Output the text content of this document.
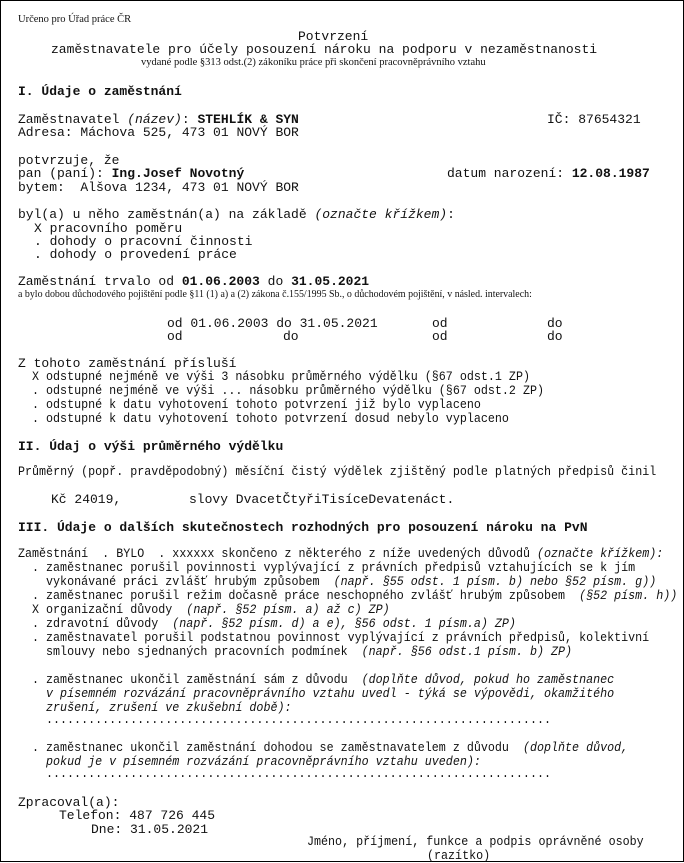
Určeno pro Úřad práce ČR
Potvrzení
zaměstnavatele pro účely posouzení nároku na podporu v nezaměstnanosti
vydané podle §313 odst.(2) zákoníku práce při skončení pracovněprávního vztahu
I. Údaje o zaměstnání
Zaměstnavatel (název): STEHLÍK & SYN	IČ: 87654321
Adresa: Máchova 525, 473 01 NOVÝ BOR
potvrzuje, že
pan (paní): Ing.Josef Novotný	datum narození: 12.08.1987
bytem:  Alšova 1234, 473 01 NOVÝ BOR
byl(a) u něho zaměstnán(a) na základě (označte křížkem):
X pracovního poměru
. dohody o pracovní činnosti
. dohody o provedení práce
Zaměstnání trvalo od 01.06.2003 do 31.05.2021
a bylo dobou důchodového pojištění podle §11 (1) a) a (2) zákona č.155/1995 Sb., o důchodovém pojištění, v násled. intervalech:
od 01.06.2003 do 31.05.2021	od	do
od	do	od	do
Z tohoto zaměstnání přísluší
X odstupné nejméně ve výši 3 násobku průměrného výdělku (§67 odst.1 ZP)
. odstupné nejméně ve výši ... násobku průměrného výdělku (§67 odst.2 ZP)
. odstupné k datu vyhotovení tohoto potvrzení již bylo vyplaceno
. odstupné k datu vyhotovení tohoto potvrzení dosud nebylo vyplaceno
II. Údaj o výši průměrného výdělku
Průměrný (popř. pravděpodobný) měsíční čistý výdělek zjištěný podle platných předpisů činil
Kč 24019,	slovy DvacetČtyřiTisíceDevatenáct.
III. Údaje o dalších skutečnostech rozhodných pro posouzení nároku na PvN
Zaměstnání  . BYLO  . xxxxxx skončeno z některého z níže uvedených důvodů (označte křížkem):
. zaměstnanec porušil povinnosti vyplývající z právních předpisů vztahujících se k jím
vykonávané práci zvlášť hrubým způsobem  (např. §55 odst. 1 písm. b) nebo §52 písm. g))
. zaměstnanec porušil režim dočasně práce neschopného zvlášť hrubým způsobem  (§52 písm. h))
X organizační důvody  (např. §52 písm. a) až c) ZP)
. zdravotní důvody  (např. §52 písm. d) a e), §56 odst. 1 písm.a) ZP)
. zaměstnavatel porušil podstatnou povinnost vyplývající z právních předpisů, kolektivní
smlouvy nebo sjednaných pracovních podmínek  (např. §56 odst.1 písm. b) ZP)
. zaměstnanec ukončil zaměstnání sám z důvodu  (doplňte důvod, pokud ho zaměstnanec
v písemném rozvázání pracovněprávního vztahu uvedl - týká se výpovědi, okamžitého
zrušení, zrušení ve zkušební době):
........................................................................
. zaměstnanec ukončil zaměstnání dohodou se zaměstnavatelem z důvodu  (doplňte důvod,
pokud je v písemném rozvázání pracovněprávního vztahu uveden):
........................................................................
Zpracoval(a):
Telefon: 487 726 445
Dne: 31.05.2021
Jméno, příjmení, funkce a podpis oprávněné osoby
(razítko)
